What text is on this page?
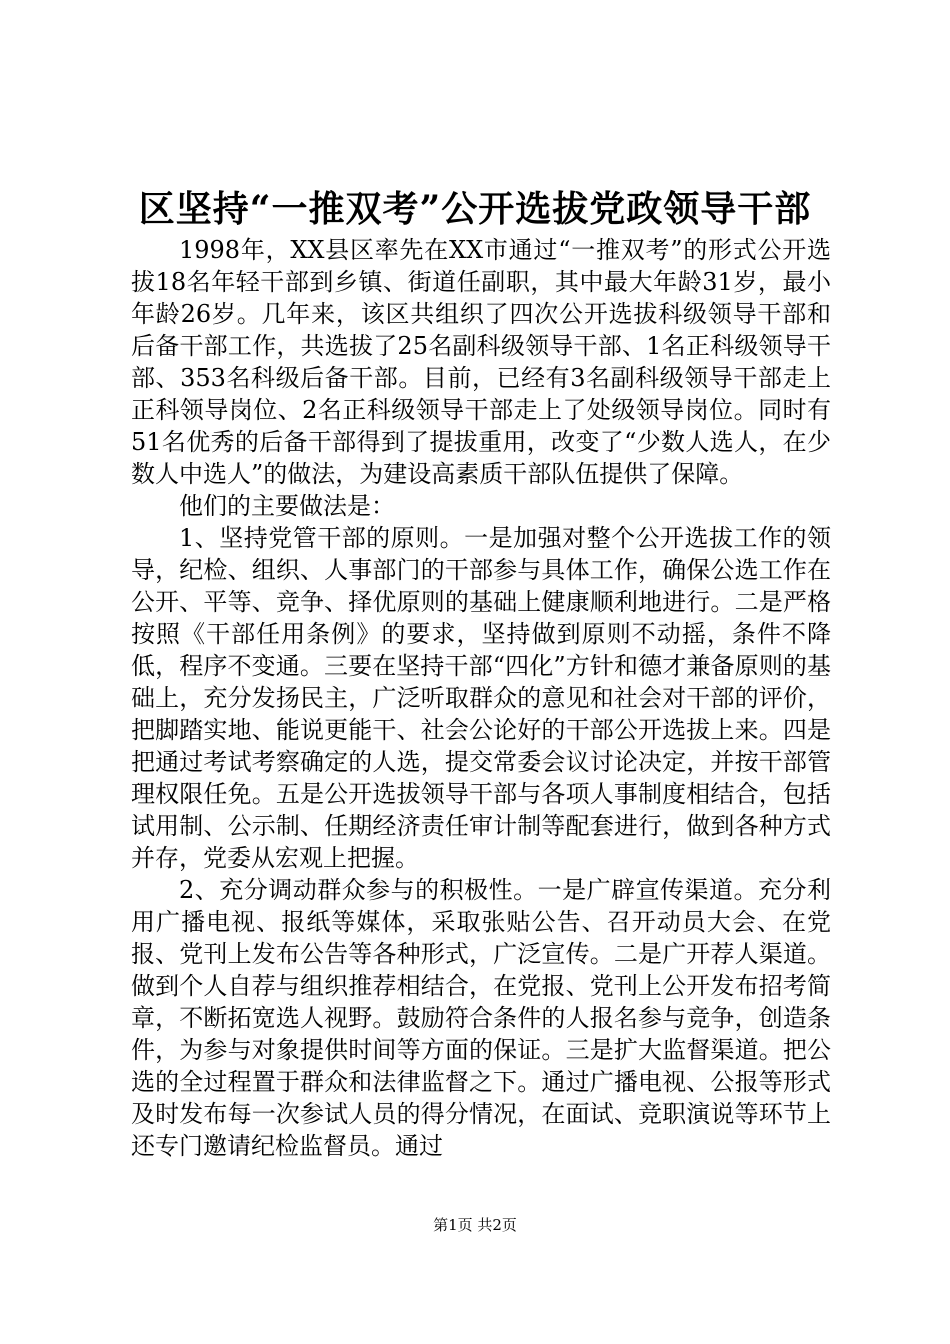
区坚持“一推双考”公开选拔党政领导干部

1998年，XX县区率先在XX市通过“一推双考”的形式公开选拔18名年轻干部到乡镇、街道任副职，其中最大年龄31岁，最小年龄26岁。几年来，该区共组织了四次公开选拔科级领导干部和后备干部工作，共选拔了25名副科级领导干部、1名正科级领导干部、353名科级后备干部。目前，已经有3名副科级领导干部走上正科领导岗位、2名正科级领导干部走上了处级领导岗位。同时有51名优秀的后备干部得到了提拔重用，改变了“少数人选人，在少数人中选人”的做法，为建设高素质干部队伍提供了保障。

他们的主要做法是：

1、坚持党管干部的原则。一是加强对整个公开选拔工作的领导，纪检、组织、人事部门的干部参与具体工作，确保公选工作在公开、平等、竞争、择优原则的基础上健康顺利地进行。二是严格按照《干部任用条例》的要求，坚持做到原则不动摇，条件不降低，程序不变通。三要在坚持干部“四化”方针和德才兼备原则的基础上，充分发扬民主，广泛听取群众的意见和社会对干部的评价，把脚踏实地、能说更能干、社会公论好的干部公开选拔上来。四是把通过考试考察确定的人选，提交常委会议讨论决定，并按干部管理权限任免。五是公开选拔领导干部与各项人事制度相结合，包括试用制、公示制、任期经济责任审计制等配套进行，做到各种方式并存，党委从宏观上把握。

2、充分调动群众参与的积极性。一是广辟宣传渠道。充分利用广播电视、报纸等媒体，采取张贴公告、召开动员大会、在党报、党刊上发布公告等各种形式，广泛宣传。二是广开荐人渠道。做到个人自荐与组织推荐相结合，在党报、党刊上公开发布招考简章，不断拓宽选人视野。鼓励符合条件的人报名参与竞争，创造条件，为参与对象提供时间等方面的保证。三是扩大监督渠道。把公选的全过程置于群众和法律监督之下。通过广播电视、公报等形式及时发布每一次参试人员的得分情况，在面试、竞职演说等环节上还专门邀请纪检监督员。通过

第1页 共2页
